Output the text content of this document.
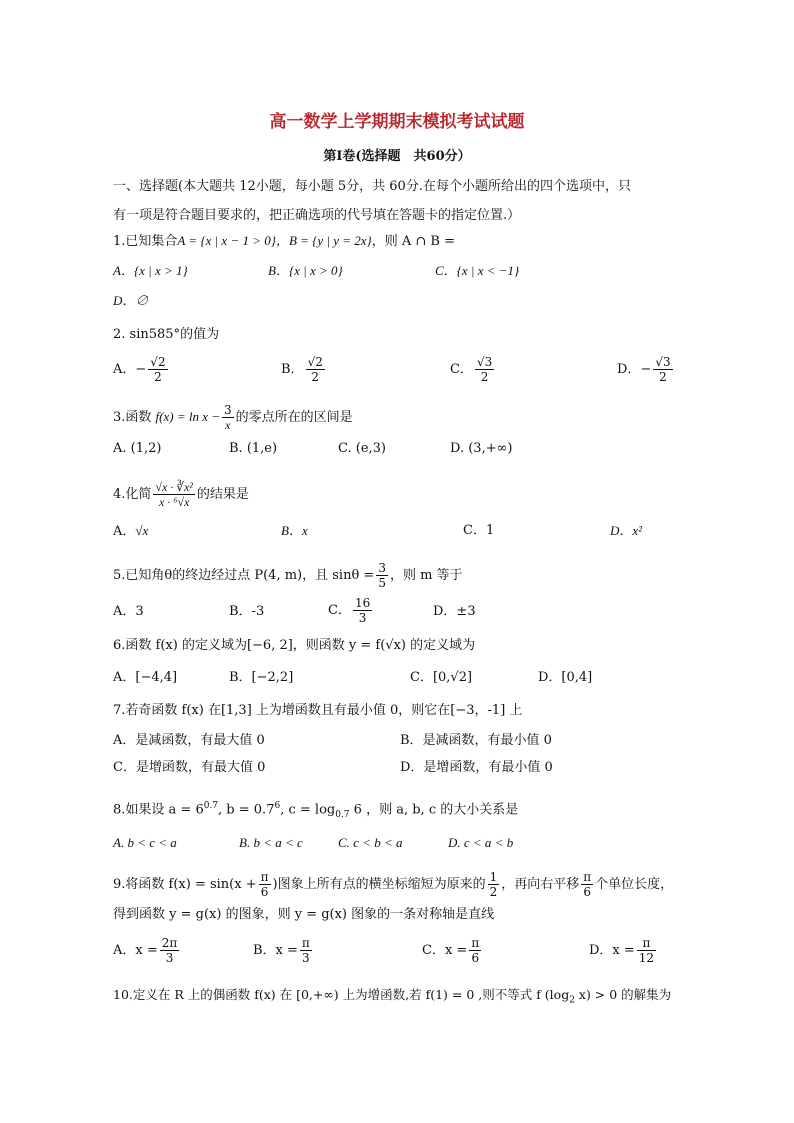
高一数学上学期期末模拟考试试题
第Ⅰ卷(选择题　共60分）
一、选择题(本大题共 12小题，每小题 5分，共 60分.在每个小题所给出的四个选项中，只
有一项是符合题目要求的，把正确选项的代号填在答题卡的指定位置.）
1.已知集合A = {x | x − 1 > 0}，B = {y | y = 2x}，则 A ∩ B =
A．{x | x > 1}	B．{x | x > 0}	C．{x | x < −1}
D．∅
2. sin585°的值为
A．− $\frac{√2}{2}$	B． $\frac{√2}{2}$	C． $\frac{√3}{2}$	D．− $\frac{√3}{2}$
3.函数 $f(x) = \ln x - \frac{3}{x}$ 的零点所在的区间是
A. (1,2)	B. (1,e)	C. (e,3)	D. (3,+∞)
4.化简 $\frac{\text{√x · ∛x²}}{\text{x · ⁶√x}}$ 的结果是
A．√x	B．x	C．1	D．x²
5.已知角θ的终边经过点 P(4, m)，且 $\sin\theta = \frac{3}{5}$ ，则 m 等于
A．3	B．-3	C． $\frac{16}{3}$	D．±3
6.函数 f(x) 的定义域为[−6, 2]，则函数 y = f(√x) 的定义域为
A．[−4,4]	B．[−2,2]	C．[0,√2]	D．[0,4]
7.若奇函数 f(x) 在[1,3] 上为增函数且有最小值 0，则它在[−3，-1] 上
A．是减函数，有最大值 0	B．是减函数，有最小值 0
C．是增函数，有最大值 0	D．是增函数，有最小值 0
8.如果设 $a = 6^{0.7}$, $b = 0.7^6$, $c = \log_{0.7} 6$ ，则 a, b, c 的大小关系是
A. b < c < a	B. b < a < c	C. c < b < a	D. c < a < b
9.将函数 $f(x) = \sin(x + \frac{\pi}{6}$ )图象上所有点的横坐标缩短为原来的 $\frac{1}{2}$ ，再向右平移 $\frac{\pi}{6}$ 个单位长度，
得到函数 y = g(x) 的图象，则 y = g(x) 图象的一条对称轴是直线
A．$x = \frac{2\pi}{3}$	B．$x = \frac{\pi}{3}$	C．$x = \frac{\pi}{6}$	D．$x = \frac{\pi}{12}$
10.定义在 R 上的偶函数 f(x) 在 [0,+∞) 上为增函数,若 f(1) = 0 ,则不等式 f ($\log_2$ x) > 0 的解集为
